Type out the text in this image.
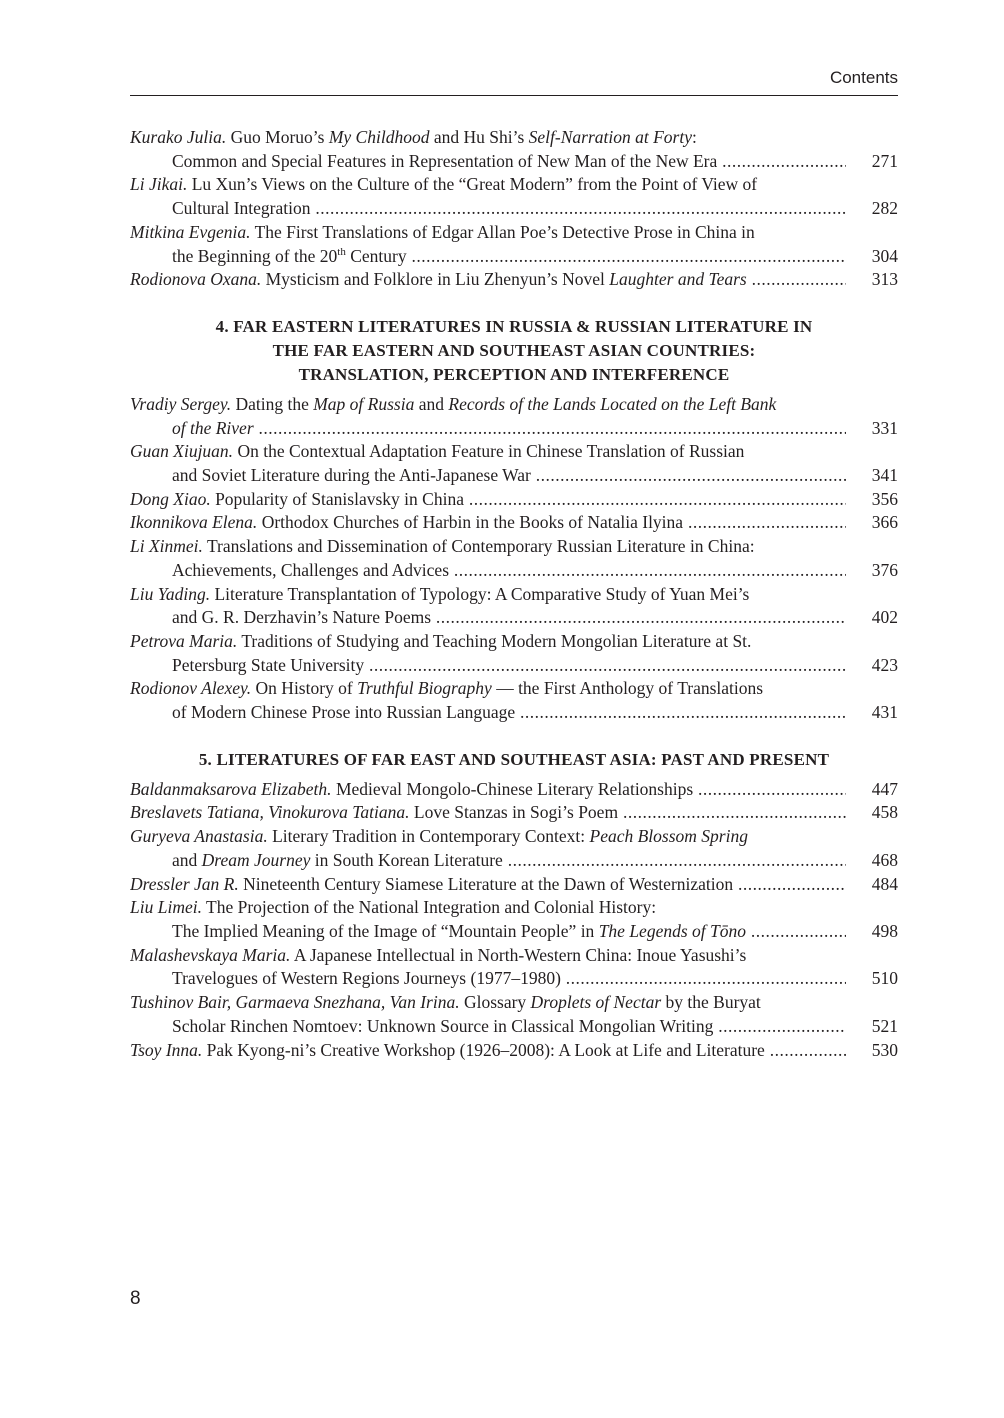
Contents
Kurako Julia. Guo Moruo’s My Childhood and Hu Shi’s Self-Narration at Forty:
Common and Special Features in Representation of New Man of the New Era .....	271
Li Jikai. Lu Xun’s Views on the Culture of the “Great Modern” from the Point of View of
Cultural Integration .....	282
Mitkina Evgenia. The First Translations of Edgar Allan Poe’s Detective Prose in China in
the Beginning of the 20th Century .....	304
Rodionova Oxana. Mysticism and Folklore in Liu Zhenyun’s Novel Laughter and Tears .....	313
4. FAR EASTERN LITERATURES IN RUSSIA & RUSSIAN LITERATURE IN
THE FAR EASTERN AND SOUTHEAST ASIAN COUNTRIES:
TRANSLATION, PERCEPTION AND INTERFERENCE
Vradiy Sergey. Dating the Map of Russia and Records of the Lands Located on the Left Bank
of the River .....	331
Guan Xiujuan. On the Contextual Adaptation Feature in Chinese Translation of Russian
and Soviet Literature during the Anti-Japanese War .....	341
Dong Xiao. Popularity of Stanislavsky in China .....	356
Ikonnikova Elena. Orthodox Churches of Harbin in the Books of Natalia Ilyina .....	366
Li Xinmei. Translations and Dissemination of Contemporary Russian Literature in China:
Achievements, Challenges and Advices .....	376
Liu Yading. Literature Transplantation of Typology: A Comparative Study of Yuan Mei’s
and G. R. Derzhavin’s Nature Poems .....	402
Petrova Maria. Traditions of Studying and Teaching Modern Mongolian Literature at St.
Petersburg State University .....	423
Rodionov Alexey. On History of Truthful Biography — the First Anthology of Translations
of Modern Chinese Prose into Russian Language .....	431
5. LITERATURES OF FAR EAST AND SOUTHEAST ASIA: PAST AND PRESENT
Baldanmaksarova Elizabeth. Medieval Mongolo-Chinese Literary Relationships .....	447
Breslavets Tatiana, Vinokurova Tatiana. Love Stanzas in Sogi’s Poem .....	458
Guryeva Anastasia. Literary Tradition in Contemporary Context: Peach Blossom Spring
and Dream Journey in South Korean Literature .....	468
Dressler Jan R. Nineteenth Century Siamese Literature at the Dawn of Westernization .....	484
Liu Limei. The Projection of the National Integration and Colonial History:
The Implied Meaning of the Image of “Mountain People” in The Legends of Tōno .....	498
Malashevskaya Maria. A Japanese Intellectual in North-Western China: Inoue Yasushi’s
Travelogues of Western Regions Journeys (1977–1980) .....	510
Tushinov Bair, Garmaeva Snezhana, Van Irina. Glossary Droplets of Nectar by the Buryat
Scholar Rinchen Nomtoev: Unknown Source in Classical Mongolian Writing .....	521
Tsoy Inna. Pak Kyong-ni’s Creative Workshop (1926–2008): A Look at Life and Literature .....	530
8
